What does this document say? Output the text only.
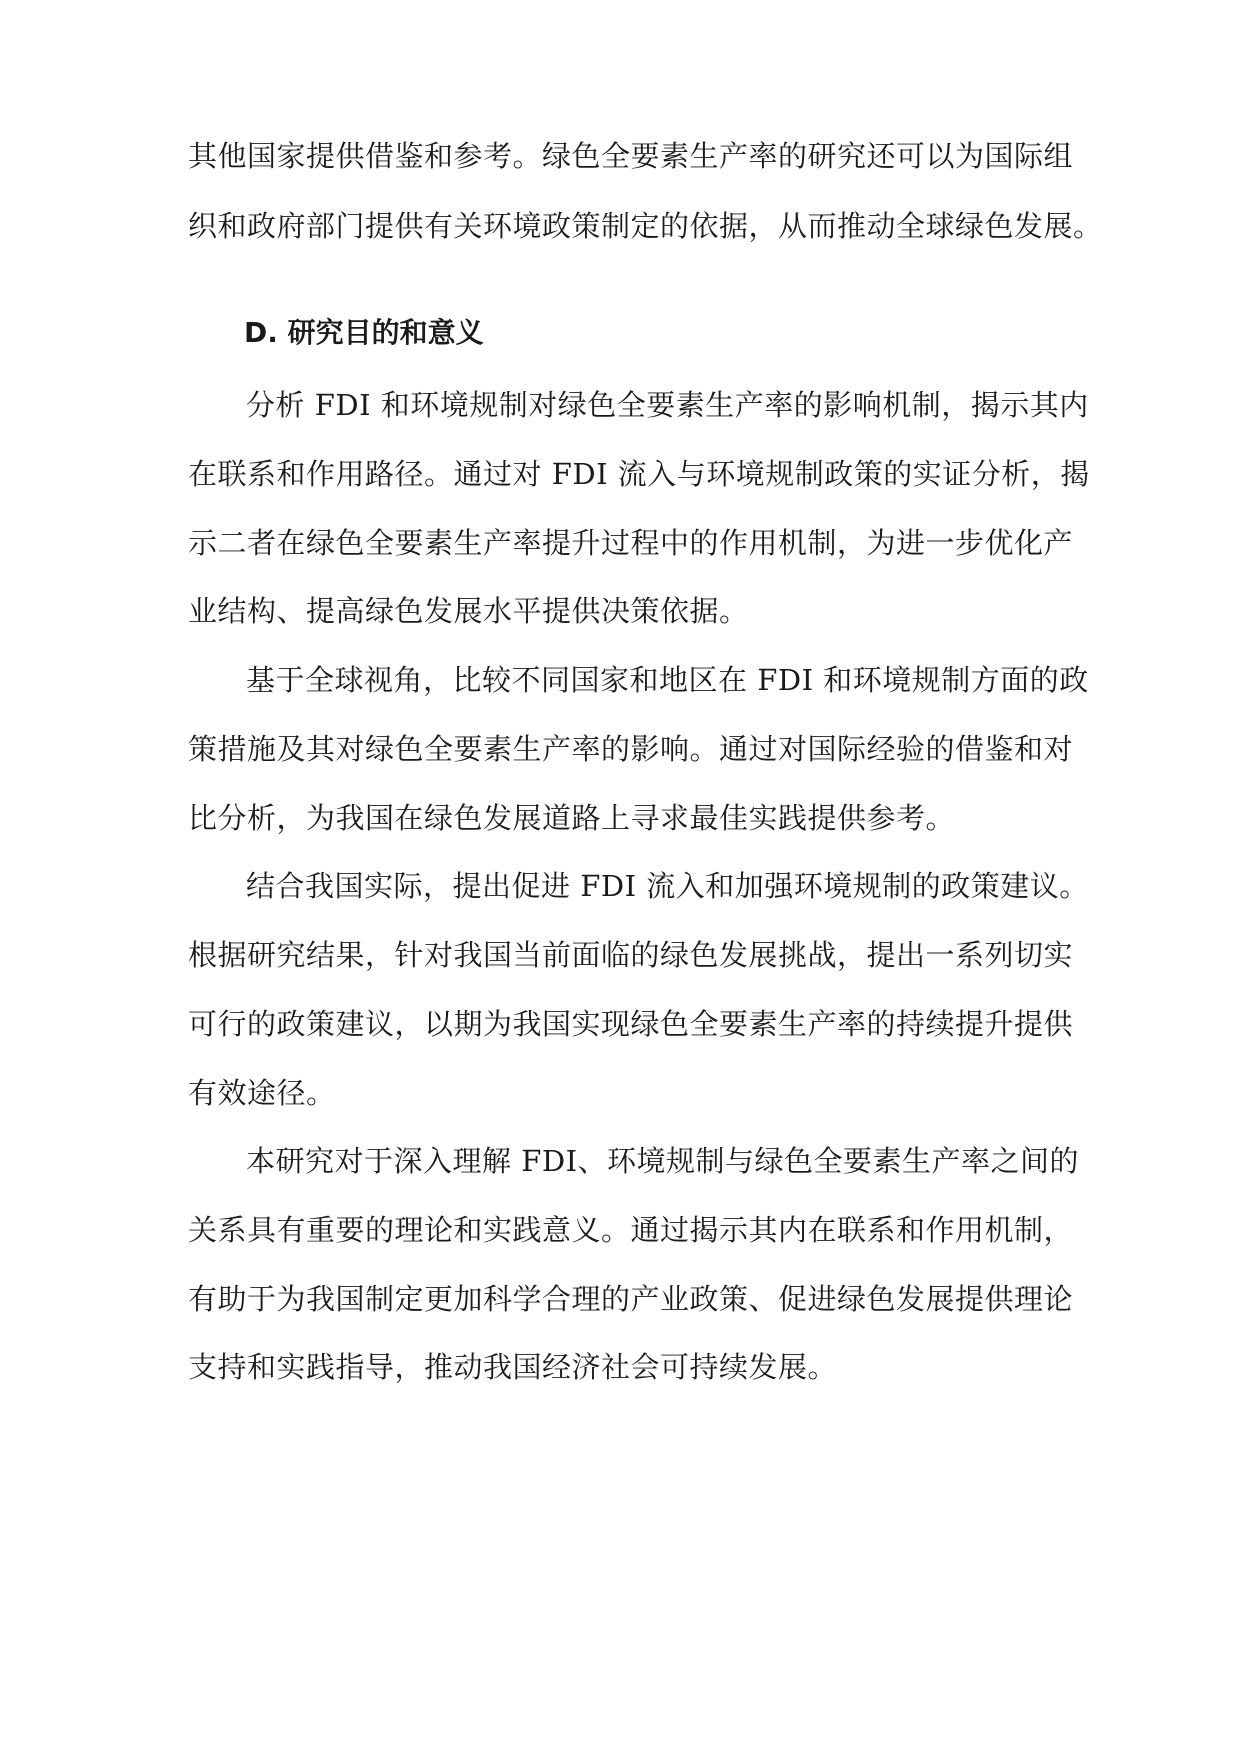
其他国家提供借鉴和参考。绿色全要素生产率的研究还可以为国际组
织和政府部门提供有关环境政策制定的依据，从而推动全球绿色发展。
D. 研究目的和意义
分析 FDI 和环境规制对绿色全要素生产率的影响机制，揭示其内
在联系和作用路径。通过对 FDI 流入与环境规制政策的实证分析，揭
示二者在绿色全要素生产率提升过程中的作用机制，为进一步优化产
业结构、提高绿色发展水平提供决策依据。
基于全球视角，比较不同国家和地区在 FDI 和环境规制方面的政
策措施及其对绿色全要素生产率的影响。通过对国际经验的借鉴和对
比分析，为我国在绿色发展道路上寻求最佳实践提供参考。
结合我国实际，提出促进 FDI 流入和加强环境规制的政策建议。
根据研究结果，针对我国当前面临的绿色发展挑战，提出一系列切实
可行的政策建议，以期为我国实现绿色全要素生产率的持续提升提供
有效途径。
本研究对于深入理解 FDI、环境规制与绿色全要素生产率之间的
关系具有重要的理论和实践意义。通过揭示其内在联系和作用机制，
有助于为我国制定更加科学合理的产业政策、促进绿色发展提供理论
支持和实践指导，推动我国经济社会可持续发展。
